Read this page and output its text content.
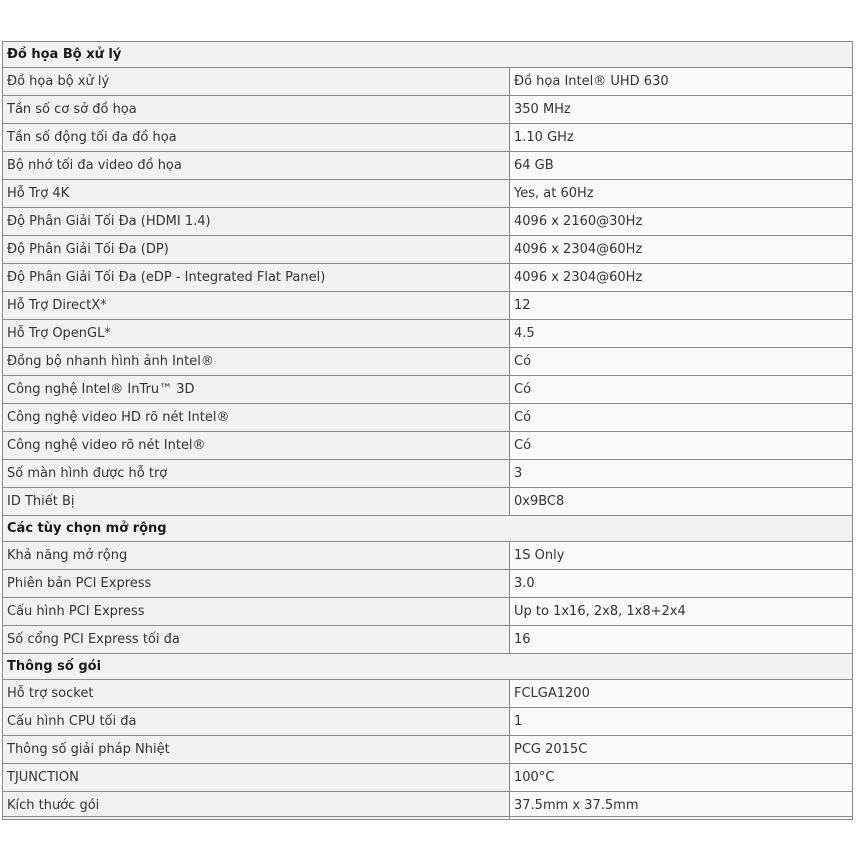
Đồ họa Bộ xử lý	
Đồ họa bộ xử lý	Đồ họa Intel® UHD 630
Tần số cơ sở đồ họa	350 MHz
Tần số động tối đa đồ họa	1.10 GHz
Bộ nhớ tối đa video đồ họa	64 GB
Hỗ Trợ 4K	Yes, at 60Hz
Độ Phân Giải Tối Đa (HDMI 1.4)	4096 x 2160@30Hz
Độ Phân Giải Tối Đa (DP)	4096 x 2304@60Hz
Độ Phân Giải Tối Đa (eDP - Integrated Flat Panel)	4096 x 2304@60Hz
Hỗ Trợ DirectX*	12
Hỗ Trợ OpenGL*	4.5
Đồng bộ nhanh hình ảnh Intel®	Có
Công nghệ Intel® InTru™ 3D	Có
Công nghệ video HD rõ nét Intel®	Có
Công nghệ video rõ nét Intel®	Có
Số màn hình được hỗ trợ	3
ID Thiết Bị	0x9BC8
Các tùy chọn mở rộng	
Khả năng mở rộng	1S Only
Phiên bản PCI Express	3.0
Cấu hình PCI Express	Up to 1x16, 2x8, 1x8+2x4
Số cổng PCI Express tối đa	16
Thông số gói	
Hỗ trợ socket	FCLGA1200
Cấu hình CPU tối đa	1
Thông số giải pháp Nhiệt	PCG 2015C
TJUNCTION	100°C
Kích thước gói	37.5mm x 37.5mm
